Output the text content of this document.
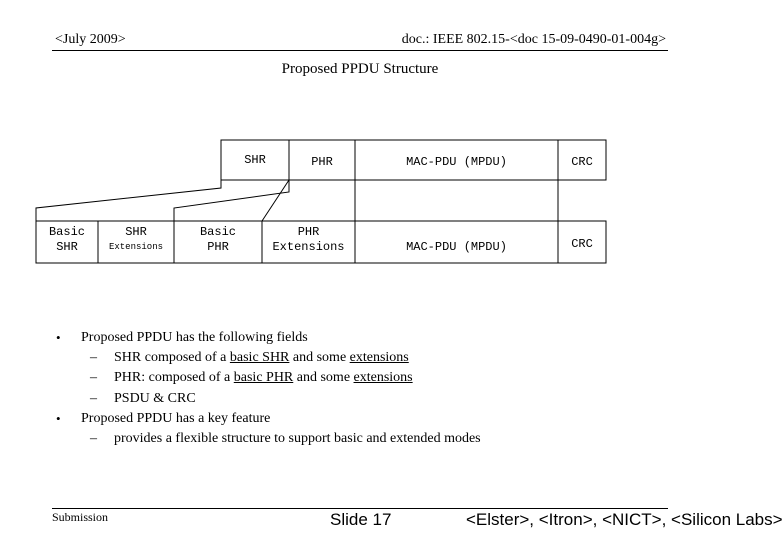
<July 2009>	doc.: IEEE 802.15-<doc 15-09-0490-01-004g>
Proposed PPDU Structure
SHR	PHR	MAC-PDU (MPDU)	CRC
Basic
SHR
SHR
Extensions
Basic
PHR
PHR
Extensions	MAC-PDU (MPDU)	CRC
• Proposed PPDU has the following fields
– SHR composed of a basic SHR and some extensions
– PHR: composed of a basic PHR and some extensions
– PSDU & CRC
• Proposed PPDU has a key feature
– provides a flexible structure to support basic and extended modes
Submission	Slide 17	<Elster>, <Itron>, <NICT>, <Silicon Labs>
